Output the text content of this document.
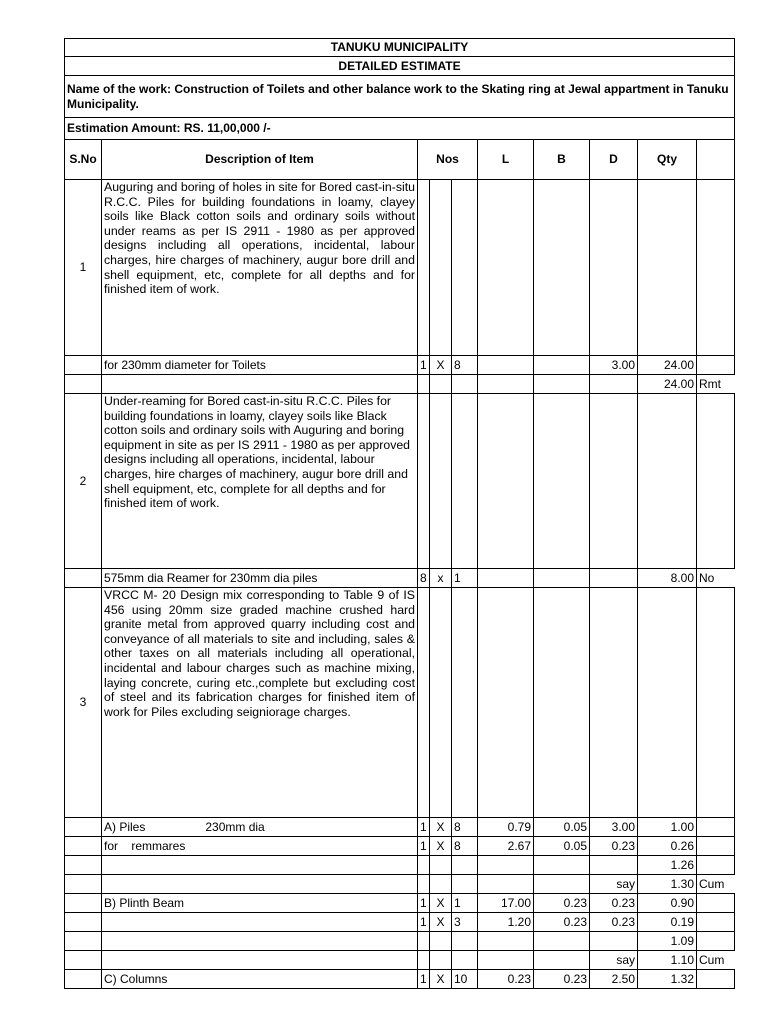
TANUKU MUNICIPALITY									
DETAILED ESTIMATE									
Name of the work: Construction of Toilets and other balance work to the Skating ring at Jewal appartment in Tanuku Municipality.									
Estimation Amount: RS. 11,00,000 /-									
S.No	Description of Item	Nos			L	B	D	Qty	
1	Auguring and boring of holes in site for Bored cast-in-situ R.C.C. Piles for building foundations in loamy, clayey soils like Black cotton soils and ordinary soils without under reams as per IS 2911 - 1980 as per approved designs including all operations, incidental, labour charges, hire charges of machinery, augur bore drill and shell equipment, etc, complete for all depths and for finished item of work.								
	for 230mm diameter for Toilets	1	X	8			3.00	24.00	
								24.00	Rmt
2	Under-reaming for Bored cast-in-situ R.C.C. Piles for building foundations in loamy, clayey soils like Black cotton soils and ordinary soils with Auguring and boring equipment in site as per IS 2911 - 1980 as per approved designs including all operations, incidental, labour charges, hire charges of machinery, augur bore drill and shell equipment, etc, complete for all depths and for finished item of work.								
	575mm dia Reamer for 230mm dia piles	8	x	1				8.00	No
3	VRCC M- 20 Design mix corresponding to Table 9 of IS 456 using 20mm size graded machine crushed hard granite metal from approved quarry including cost and conveyance of all materials to site and including, sales & other taxes on all materials including all operational, incidental and labour charges such as machine mixing, laying concrete, curing etc.,complete but excluding cost of steel and its fabrication charges for finished item of work for Piles excluding seigniorage charges.								
	A) Piles                  230mm dia	1	X	8	0.79	0.05	3.00	1.00	
	for    remmares	1	X	8	2.67	0.05	0.23	0.26	
								1.26	
							say	1.30	Cum
	B) Plinth Beam	1	X	1	17.00	0.23	0.23	0.90	
		1	X	3	1.20	0.23	0.23	0.19	
								1.09	
							say	1.10	Cum
	C) Columns	1	X	10	0.23	0.23	2.50	1.32	
